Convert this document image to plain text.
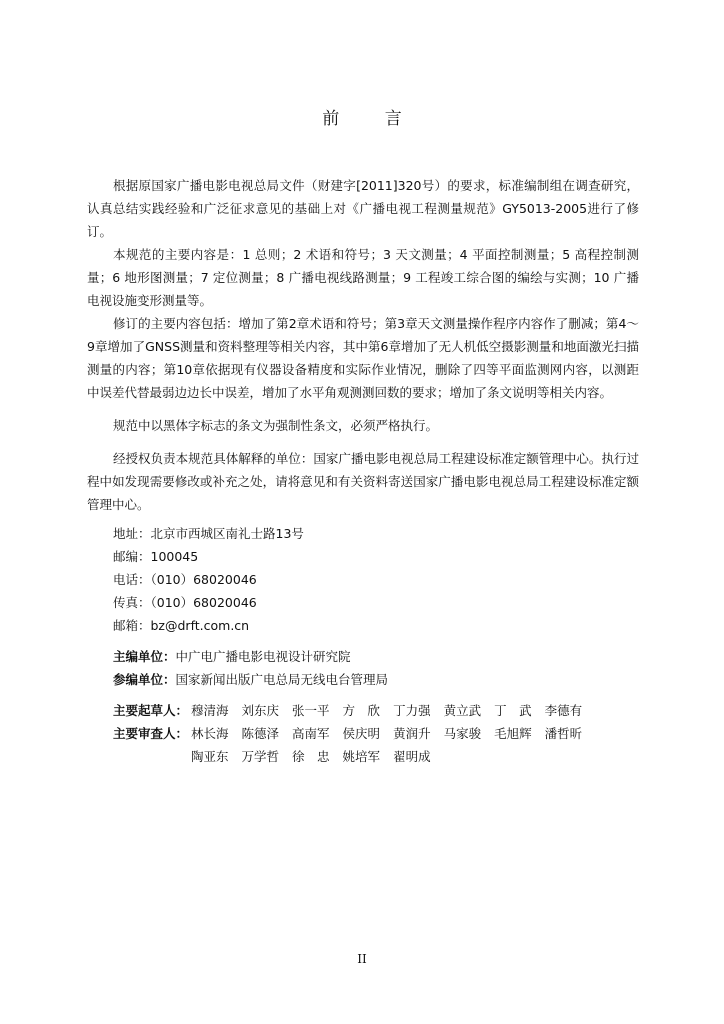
前 言

根据原国家广播电影电视总局文件（财建字[2011]320号）的要求，标准编制组在调查研究，认真总结实践经验和广泛征求意见的基础上对《广播电视工程测量规范》GY5013-2005进行了修订。

本规范的主要内容是：1 总则；2 术语和符号；3 天文测量；4 平面控制测量；5 高程控制测量；6 地形图测量；7 定位测量；8 广播电视线路测量；9 工程竣工综合图的编绘与实测；10 广播电视设施变形测量等。

修订的主要内容包括：增加了第2章术语和符号；第3章天文测量操作程序内容作了删减；第4～9章增加了GNSS测量和资料整理等相关内容，其中第6章增加了无人机低空摄影测量和地面激光扫描测量的内容；第10章依据现有仪器设备精度和实际作业情况，删除了四等平面监测网内容，以测距中误差代替最弱边边长中误差，增加了水平角观测测回数的要求；增加了条文说明等相关内容。

规范中以黑体字标志的条文为强制性条文，必须严格执行。

经授权负责本规范具体解释的单位：国家广播电影电视总局工程建设标准定额管理中心。执行过程中如发现需要修改或补充之处，请将意见和有关资料寄送国家广播电影电视总局工程建设标准定额管理中心。

地址：北京市西城区南礼士路13号

邮编：100045

电话：（010）68020046

传真：（010）68020046

邮箱：bz@drft.com.cn

主编单位：中广电广播电影电视设计研究院

参编单位：国家新闻出版广电总局无线电台管理局

主要起草人： 穆清海 刘东庆 张一平 方　欣 丁力强 黄立武 丁　武 李德有
主要审查人： 林长海 陈德泽 高南军 侯庆明 黄润升 马家骏 毛旭辉 潘哲昕
陶亚东 万学哲 徐　忠 姚培军 翟明成
II
